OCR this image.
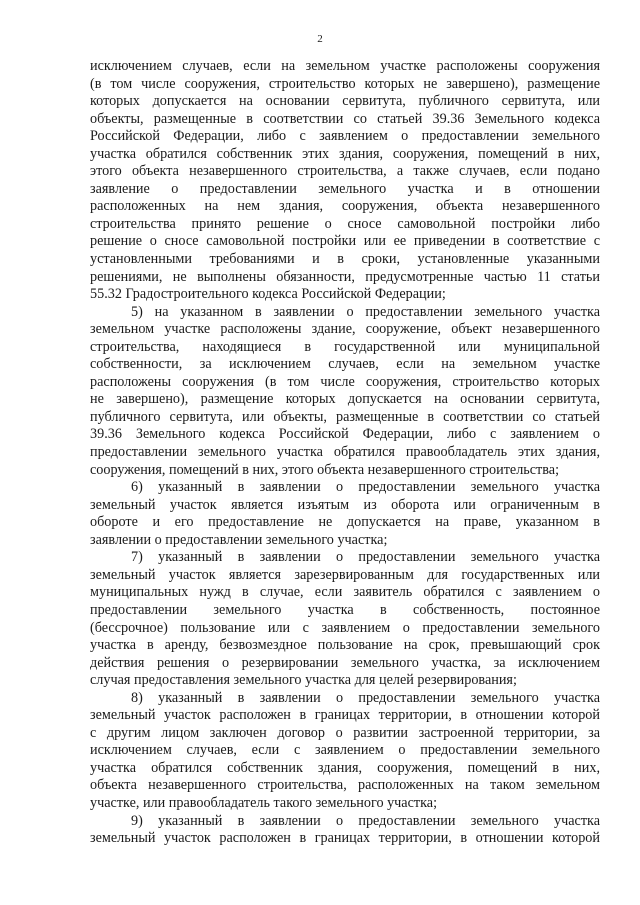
2

исключением случаев, если на земельном участке расположены сооружения

(в том числе сооружения, строительство которых не завершено), размещение

которых допускается на основании сервитута, публичного сервитута, или

объекты, размещенные в соответствии со статьей 39.36 Земельного кодекса

Российской Федерации, либо с заявлением о предоставлении земельного

участка обратился собственник этих здания, сооружения, помещений в них,

этого объекта незавершенного строительства, а также случаев, если подано

заявление о предоставлении земельного участка и в отношении

расположенных на нем здания, сооружения, объекта незавершенного

строительства принято решение о сносе самовольной постройки либо

решение о сносе самовольной постройки или ее приведении в соответствие с

установленными требованиями и в сроки, установленные указанными

решениями, не выполнены обязанности, предусмотренные частью 11 статьи

55.32 Градостроительного кодекса Российской Федерации;

5) на указанном в заявлении о предоставлении земельного участка

земельном участке расположены здание, сооружение, объект незавершенного

строительства, находящиеся в государственной или муниципальной

собственности, за исключением случаев, если на земельном участке

расположены сооружения (в том числе сооружения, строительство которых

не завершено), размещение которых допускается на основании сервитута,

публичного сервитута, или объекты, размещенные в соответствии со статьей

39.36 Земельного кодекса Российской Федерации, либо с заявлением о

предоставлении земельного участка обратился правообладатель этих здания,

сооружения, помещений в них, этого объекта незавершенного строительства;

6) указанный в заявлении о предоставлении земельного участка

земельный участок является изъятым из оборота или ограниченным в

обороте и его предоставление не допускается на праве, указанном в

заявлении о предоставлении земельного участка;

7) указанный в заявлении о предоставлении земельного участка

земельный участок является зарезервированным для государственных или

муниципальных нужд в случае, если заявитель обратился с заявлением о

предоставлении земельного участка в собственность, постоянное

(бессрочное) пользование или с заявлением о предоставлении земельного

участка в аренду, безвозмездное пользование на срок, превышающий срок

действия решения о резервировании земельного участка, за исключением

случая предоставления земельного участка для целей резервирования;

8) указанный в заявлении о предоставлении земельного участка

земельный участок расположен в границах территории, в отношении которой

с другим лицом заключен договор о развитии застроенной территории, за

исключением случаев, если с заявлением о предоставлении земельного

участка обратился собственник здания, сооружения, помещений в них,

объекта незавершенного строительства, расположенных на таком земельном

участке, или правообладатель такого земельного участка;

9) указанный в заявлении о предоставлении земельного участка

земельный участок расположен в границах территории, в отношении которой
